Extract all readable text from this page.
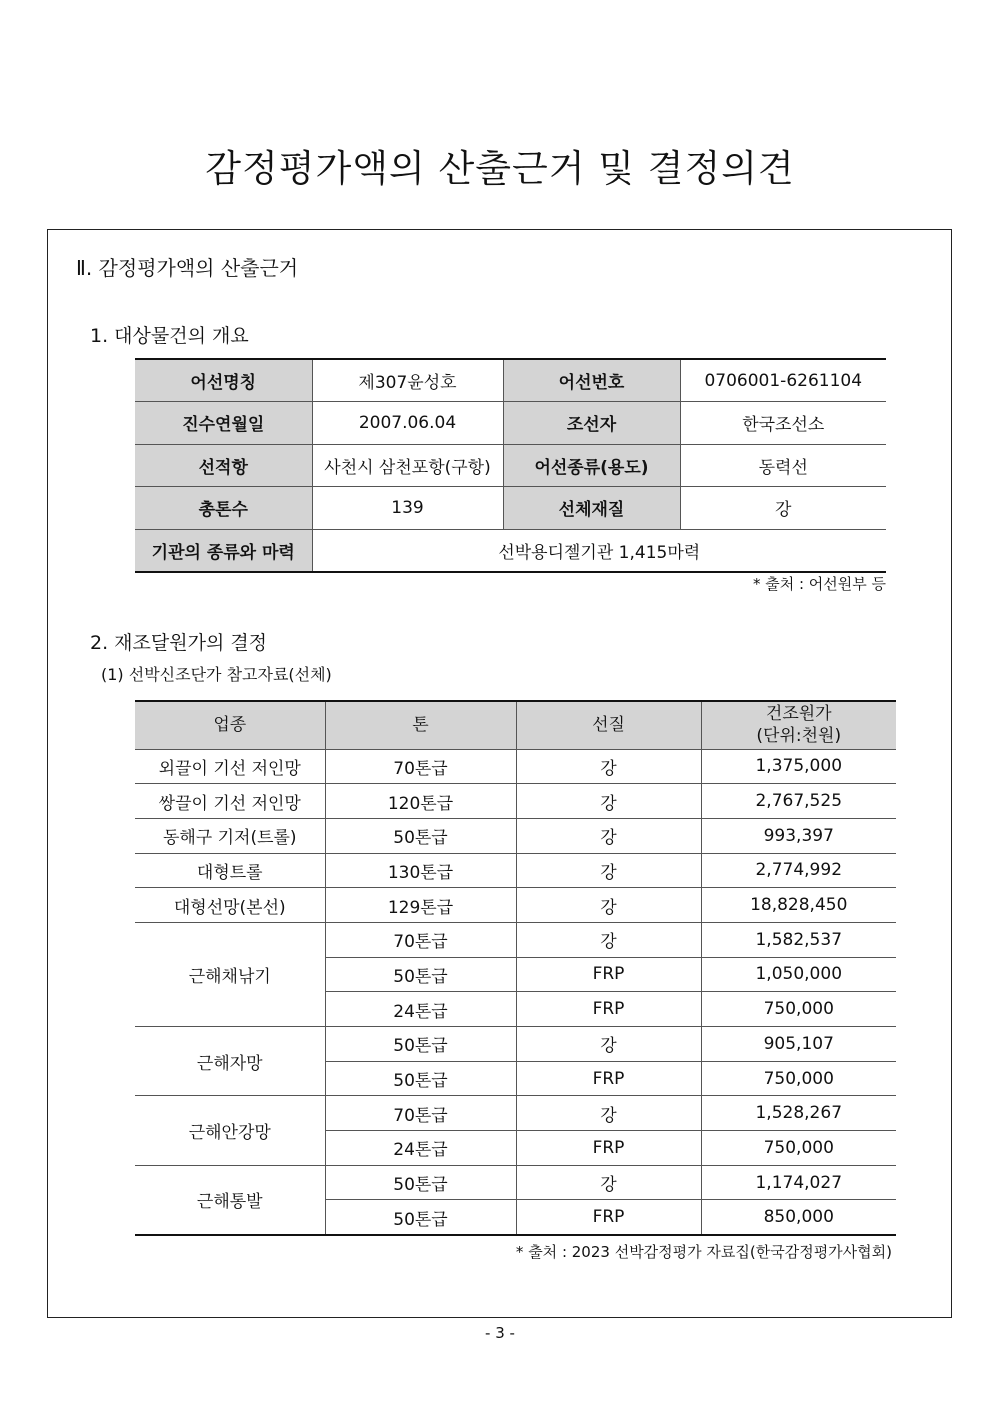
감정평가액의 산출근거 및 결정의견
Ⅱ. 감정평가액의 산출근거
1. 대상물건의 개요
어선명칭	제307윤성호	어선번호	0706001-6261104
진수연월일	2007.06.04	조선자	한국조선소
선적항	사천시 삼천포항(구항)	어선종류(용도)	동력선
총톤수	139	선체재질	강
기관의 종류와 마력	선박용디젤기관 1,415마력		
* 출처 : 어선원부 등
2. 재조달원가의 결정
(1) 선박신조단가 참고자료(선체)
업종	톤	선질	건조원가
(단위:천원)
외끌이 기선 저인망	70톤급	강	1,375,000
쌍끌이 기선 저인망	120톤급	강	2,767,525
동해구 기저(트롤)	50톤급	강	993,397
대형트롤	130톤급	강	2,774,992
대형선망(본선)	129톤급	강	18,828,450
근해채낚기	70톤급	강	1,582,537
	50톤급	FRP	1,050,000
	24톤급	FRP	750,000
근해자망	50톤급	강	905,107
	50톤급	FRP	750,000
근해안강망	70톤급	강	1,528,267
	24톤급	FRP	750,000
근해통발	50톤급	강	1,174,027
	50톤급	FRP	850,000
* 출처 : 2023 선박감정평가 자료집(한국감정평가사협회)
- 3 -
